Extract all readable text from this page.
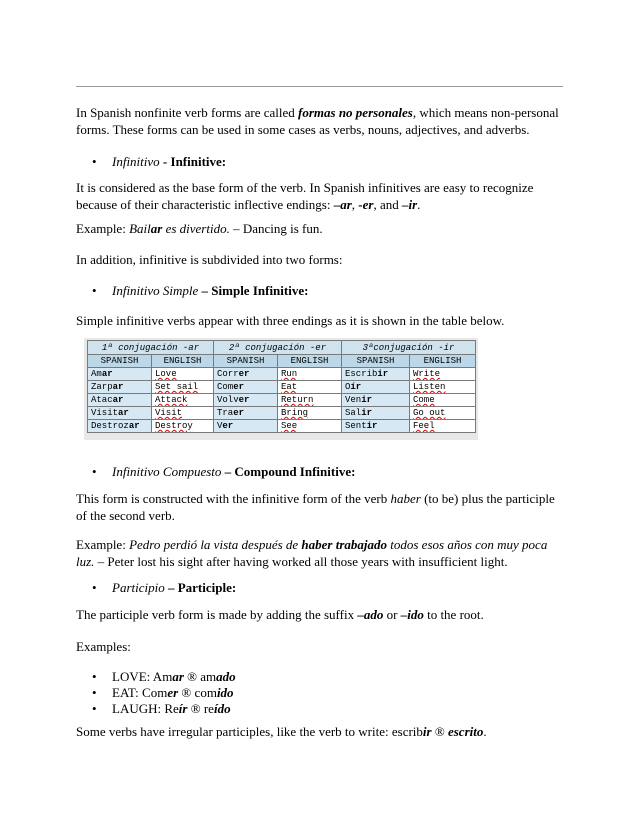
In Spanish nonfinite verb forms are called formas no personales, which means non-personal forms. These forms can be used in some cases as verbs, nouns, adjectives, and adverbs.
• Infinitivo - Infinitive:
It is considered as the base form of the verb. In Spanish infinitives are easy to recognize because of their characteristic inflective endings: –ar, -er, and –ir.
Example: Bailar es divertido. – Dancing is fun.
In addition, infinitive is subdivided into two forms:
• Infinitivo Simple – Simple Infinitive:
Simple infinitive verbs appear with three endings as it is shown in the table below.
1ª conjugación -ar		2ª conjugación -er		3ªconjugación -ir	
SPANISH	ENGLISH	SPANISH	ENGLISH	SPANISH	ENGLISH
Amar	Love	Correr	Run	Escribir	Write
Zarpar	Set sail	Comer	Eat	Oír	Listen
Atacar	Attack	Volver	Return	Venir	Come
Visitar	Visit	Traer	Bring	Salir	Go out
Destrozar	Destroy	Ver	See	Sentir	Feel
• Infinitivo Compuesto – Compound Infinitive:
This form is constructed with the infinitive form of the verb haber (to be) plus the participle of the second verb.
Example: Pedro perdió la vista después de haber trabajado todos esos años con muy poca luz. – Peter lost his sight after having worked all those years with insufficient light.
• Participio – Participle:
The participle verb form is made by adding the suffix –ado or –ido to the root.
Examples:
• LOVE: Amar ® amado
• EAT: Comer ® comido
• LAUGH: Reír ® reído
Some verbs have irregular participles, like the verb to write: escribir ® escrito.
